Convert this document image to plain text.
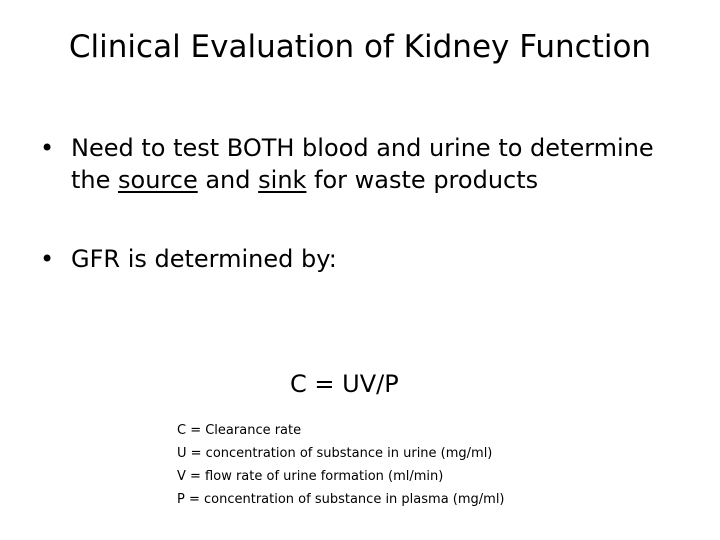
Clinical Evaluation of Kidney Function
• Need to test BOTH blood and urine to determine the source and sink for waste products
• GFR is determined by:
C = UV/P
C = Clearance rate
U = concentration of substance in urine (mg/ml)
V = flow rate of urine formation (ml/min)
P = concentration of substance in plasma (mg/ml)
